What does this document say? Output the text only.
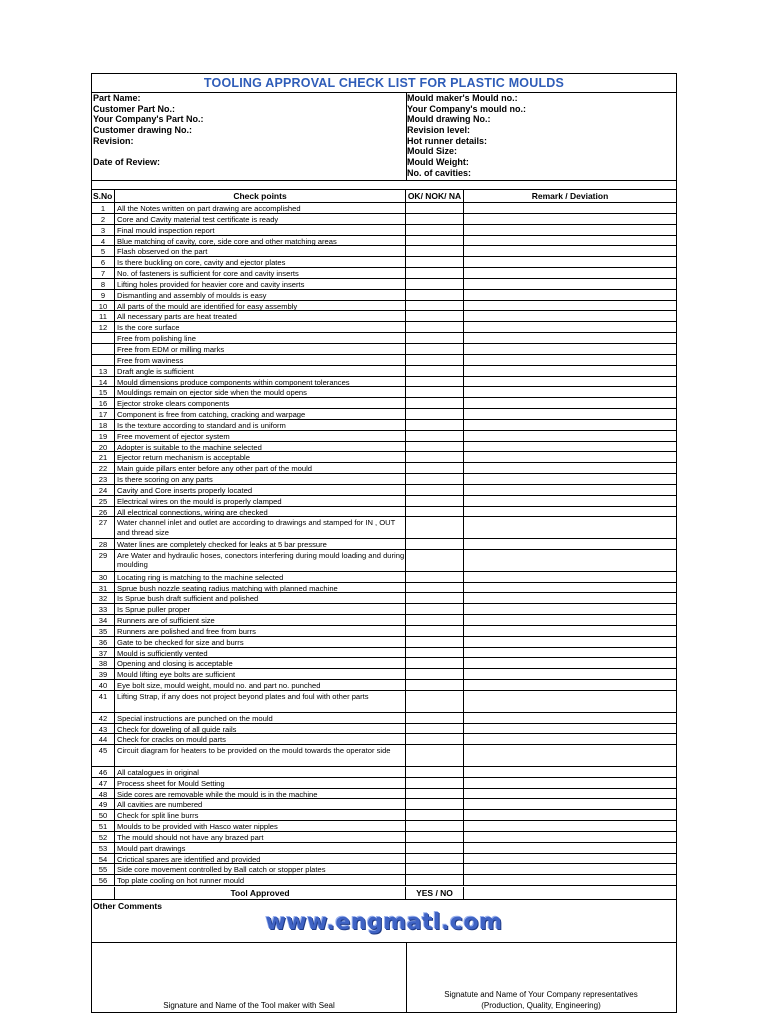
TOOLING APPROVAL CHECK LIST FOR PLASTIC MOULDS
Part Name:
Customer Part No.:
Your Company's Part No.:
Customer drawing No.:
Revision:
Date of Review:
Mould maker's Mould no.:
Your Company's mould no.:
Mould drawing No.:
Revision level:
Hot runner details:
Mould Size:
Mould Weight:
No. of cavities:
S.No	Check points	OK/ NOK/ NA	Remark / Deviation
1	All the Notes written on part drawing are accomplished
2	Core and Cavity material test certificate is ready
3	Final mould inspection report
4	Blue matching of cavity, core, side core and other matching areas
5	Flash observed on the part
6	Is there buckling on core, cavity and ejector plates
7	No. of fasteners is sufficient for core and cavity inserts
8	Lifting holes provided for heavier core and cavity inserts
9	Dismantling and assembly of moulds is easy
10	All parts of the mould are identified for easy assembly
11	All necessary parts are heat treated
12	Is the core surface
Free from polishing line
Free from EDM or milling marks
Free from waviness
13	Draft angle is sufficient
14	Mould dimensions produce components within component tolerances
15	Mouldings remain on ejector side when the mould opens
16	Ejector stroke clears components
17	Component is free from catching, cracking and warpage
18	Is the texture according to standard and is uniform
19	Free movement of ejector system
20	Adopter is suitable to the machine selected
21	Ejector return mechanism is acceptable
22	Main guide pillars enter before any other part of the mould
23	Is there scoring on any parts
24	Cavity and Core inserts properly located
25	Electrical wires on the mould is properly clamped
26	All electrical connections, wiring are checked
27	Water channel inlet and outlet are according to drawings and stamped for IN , OUT and thread size
28	Water lines are completely checked for leaks at 5 bar pressure
29	Are Water and hydraulic hoses, conectors interfering during mould loading and during moulding
30	Locating ring is matching to the machine selected
31	Sprue bush nozzle seating radius matching with planned machine
32	Is Sprue bush draft sufficient and polished
33	Is Sprue puller proper
34	Runners are of sufficient size
35	Runners are polished and free from burrs
36	Gate to be checked for size and burrs
37	Mould is sufficiently vented
38	Opening and closing is acceptable
39	Mould lifting eye bolts are sufficient
40	Eye bolt size, mould weight, mould no. and part no. punched
41	Lifting Strap, if any does not project beyond plates and foul with other parts
42	Special instructions are punched on the mould
43	Check for doweling of all guide rails
44	Check for cracks on mould parts
45	Circuit diagram for heaters to be provided on the mould towards the operator side
46	All catalogues in original
47	Process sheet for Mould Setting
48	Side cores are removable while the mould is in the machine
49	All cavities are numbered
50	Check for split line burrs
51	Moulds to be provided with Hasco water nipples
52	The mould should not have any brazed part
53	Mould part drawings
54	Crictical spares are identified and provided
55	Side core movement controlled by Ball catch or stopper plates
56	Top plate cooling on hot runner mould
Tool Approved	YES / NO
Other Comments
www.engmatl.com
Signature and Name of the Tool maker with Seal
Signatute and Name of Your Company representatives
(Production, Quality, Engineering)
